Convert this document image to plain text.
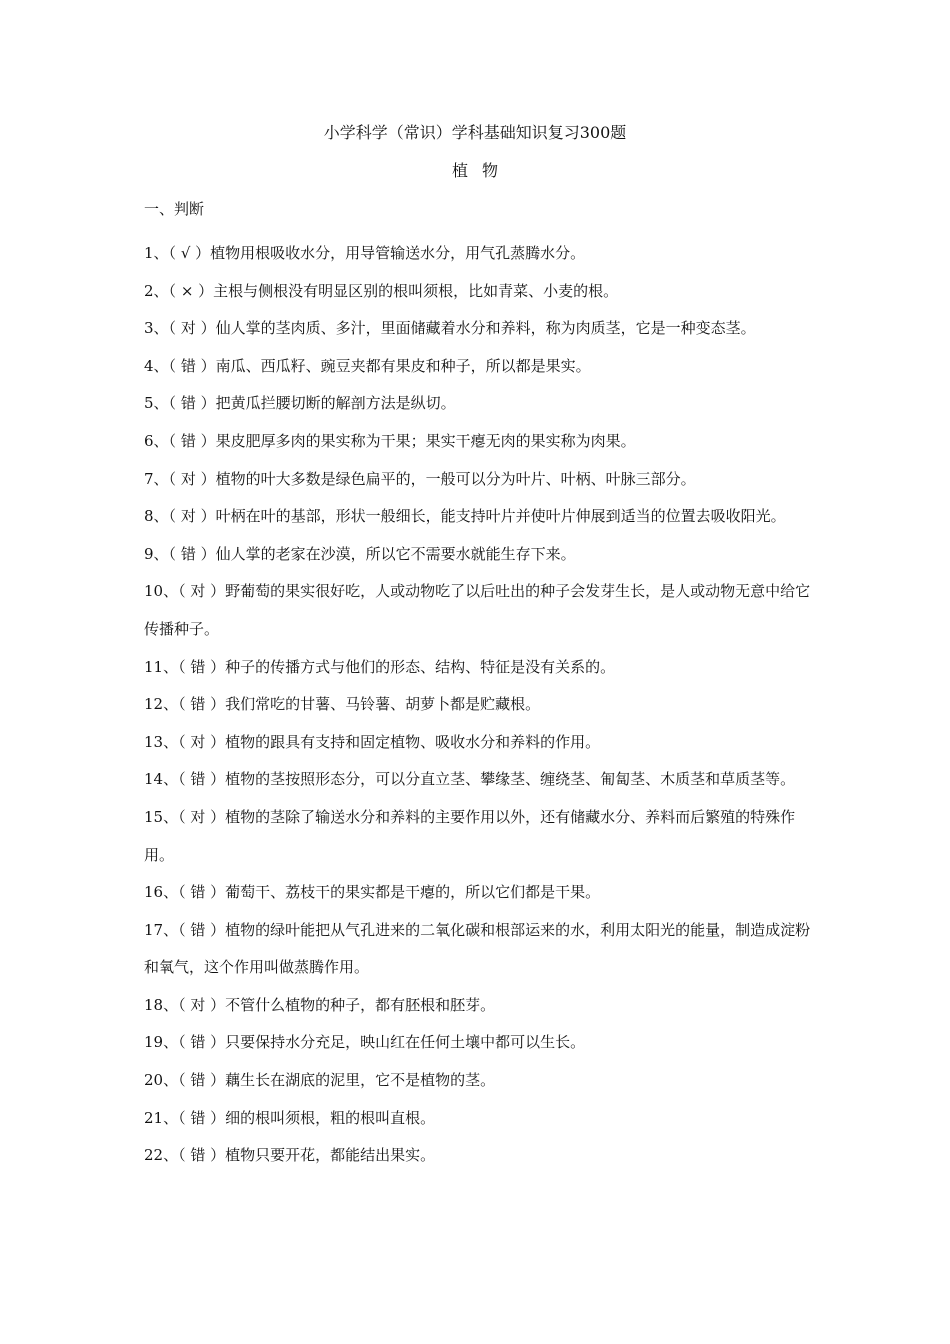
小学科学（常识）学科基础知识复习300题
植物
一、判断

1、（ √ ）植物用根吸收水分，用导管输送水分，用气孔蒸腾水分。

2、（ × ）主根与侧根没有明显区别的根叫须根，比如青菜、小麦的根。

3、（ 对 ）仙人掌的茎肉质、多汁，里面储藏着水分和养料，称为肉质茎，它是一种变态茎。

4、（ 错 ）南瓜、西瓜籽、豌豆夹都有果皮和种子，所以都是果实。

5、（ 错 ）把黄瓜拦腰切断的解剖方法是纵切。

6、（ 错 ）果皮肥厚多肉的果实称为干果；果实干瘪无肉的果实称为肉果。

7、（ 对 ）植物的叶大多数是绿色扁平的，一般可以分为叶片、叶柄、叶脉三部分。

8、（ 对 ）叶柄在叶的基部，形状一般细长，能支持叶片并使叶片伸展到适当的位置去吸收阳光。

9、（ 错 ）仙人掌的老家在沙漠，所以它不需要水就能生存下来。

10、（ 对 ）野葡萄的果实很好吃，人或动物吃了以后吐出的种子会发芽生长，是人或动物无意中给它传播种子。

11、（ 错 ）种子的传播方式与他们的形态、结构、特征是没有关系的。

12、（ 错 ）我们常吃的甘薯、马铃薯、胡萝卜都是贮藏根。

13、（ 对 ）植物的跟具有支持和固定植物、吸收水分和养料的作用。

14、（ 错 ）植物的茎按照形态分，可以分直立茎、攀缘茎、缠绕茎、匍匐茎、木质茎和草质茎等。

15、（ 对 ）植物的茎除了输送水分和养料的主要作用以外，还有储藏水分、养料而后繁殖的特殊作用。

16、（ 错 ）葡萄干、荔枝干的果实都是干瘪的，所以它们都是干果。

17、（ 错 ）植物的绿叶能把从气孔进来的二氧化碳和根部运来的水，利用太阳光的能量，制造成淀粉和氧气，这个作用叫做蒸腾作用。

18、（ 对 ）不管什么植物的种子，都有胚根和胚芽。

19、（ 错 ）只要保持水分充足，映山红在任何土壤中都可以生长。

20、（ 错 ）藕生长在湖底的泥里，它不是植物的茎。

21、（ 错 ）细的根叫须根，粗的根叫直根。

22、（ 错 ）植物只要开花，都能结出果实。
